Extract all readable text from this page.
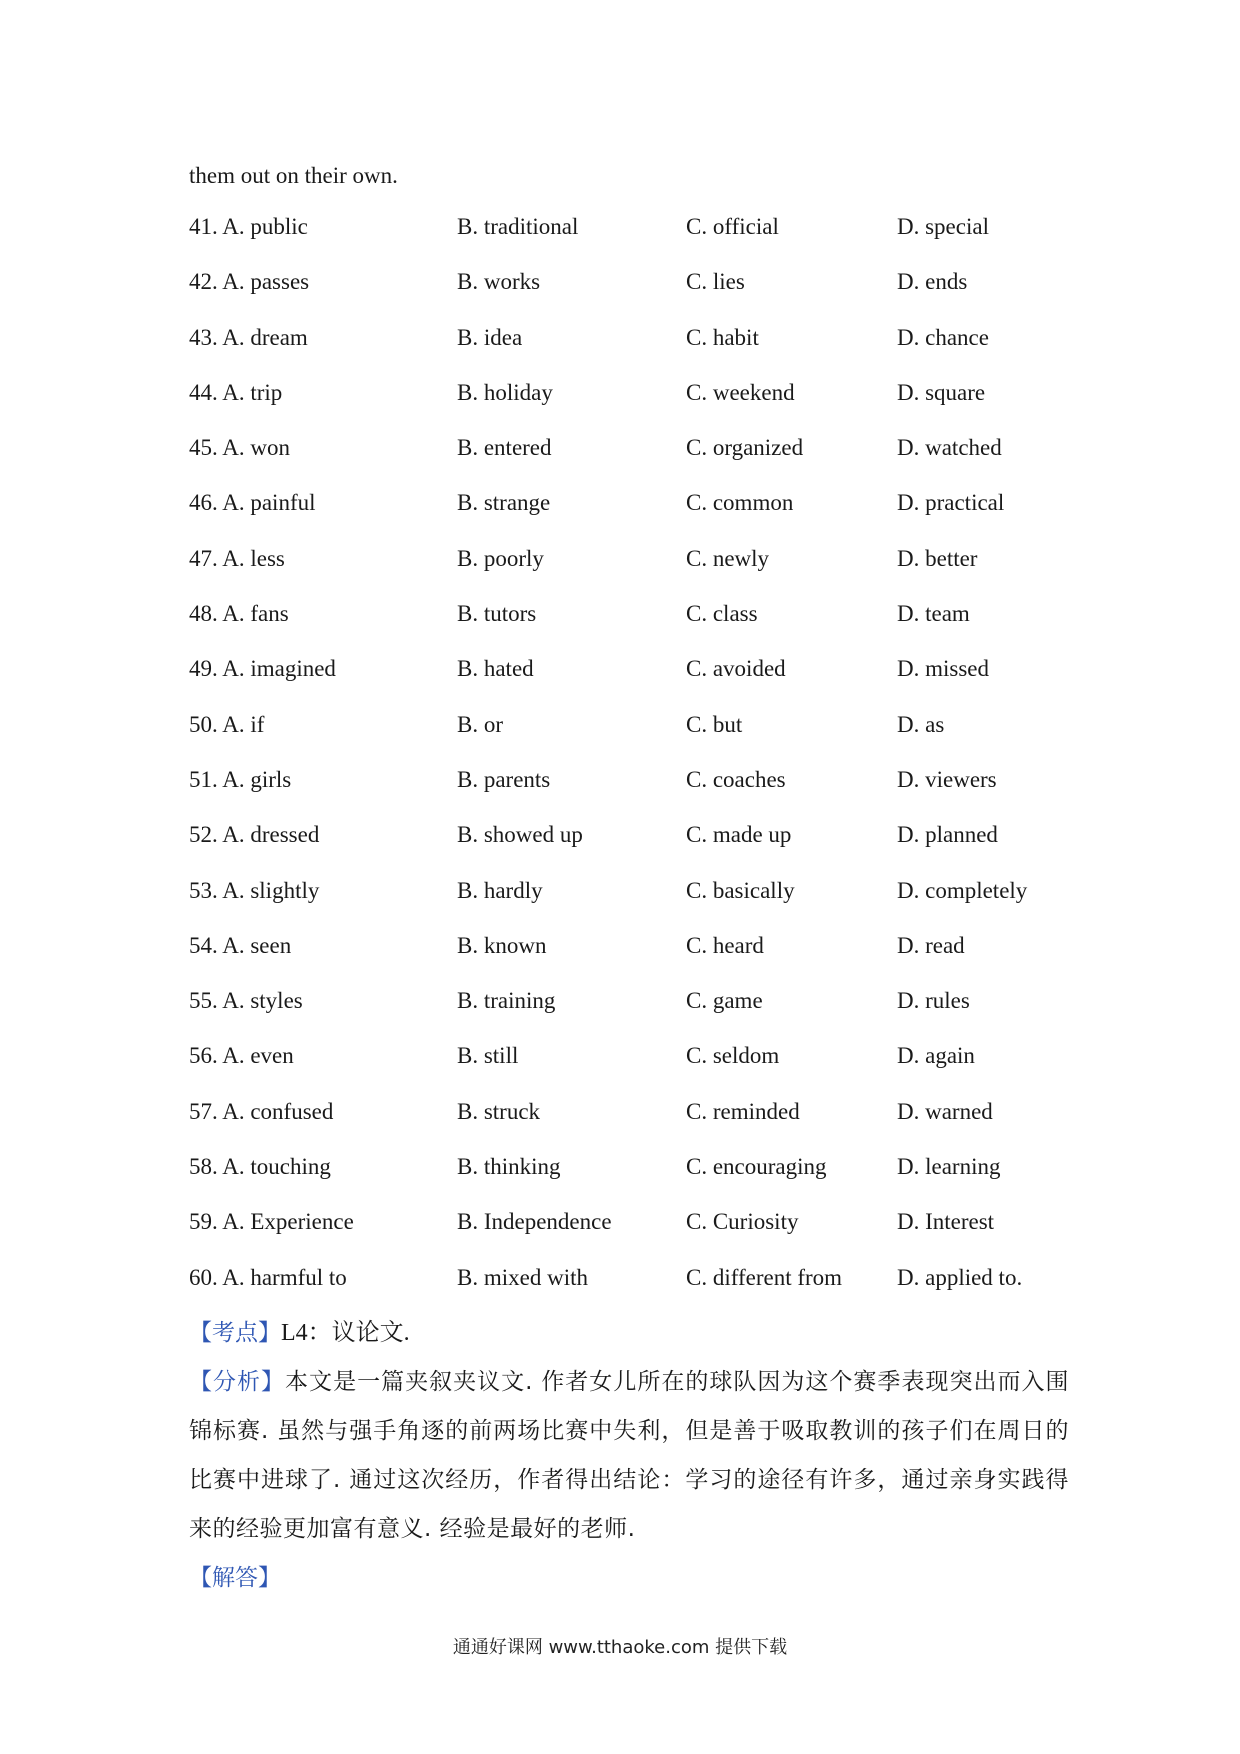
them out on their own.
41. A. public	B. traditional	C. official	D. special
42. A. passes	B. works	C. lies	D. ends
43. A. dream	B. idea	C. habit	D. chance
44. A. trip	B. holiday	C. weekend	D. square
45. A. won	B. entered	C. organized	D. watched
46. A. painful	B. strange	C. common	D. practical
47. A. less	B. poorly	C. newly	D. better
48. A. fans	B. tutors	C. class	D. team
49. A. imagined	B. hated	C. avoided	D. missed
50. A. if	B. or	C. but	D. as
51. A. girls	B. parents	C. coaches	D. viewers
52. A. dressed	B. showed up	C. made up	D. planned
53. A. slightly	B. hardly	C. basically	D. completely
54. A. seen	B. known	C. heard	D. read
55. A. styles	B. training	C. game	D. rules
56. A. even	B. still	C. seldom	D. again
57. A. confused	B. struck	C. reminded	D. warned
58. A. touching	B. thinking	C. encouraging	D. learning
59. A. Experience	B. Independence	C. Curiosity	D. Interest
60. A. harmful to	B. mixed with	C. different from D. applied to.
【考点】L4：议论文.
【分析】本文是一篇夹叙夹议文. 作者女儿所在的球队因为这个赛季表现突出而入围锦标赛. 虽然与强手角逐的前两场比赛中失利，但是善于吸取教训的孩子们在周日的比赛中进球了. 通过这次经历，作者得出结论：学习的途径有许多，通过亲身实践得来的经验更加富有意义. 经验是最好的老师.
【解答】
通通好课网 www.tthaoke.com 提供下载
